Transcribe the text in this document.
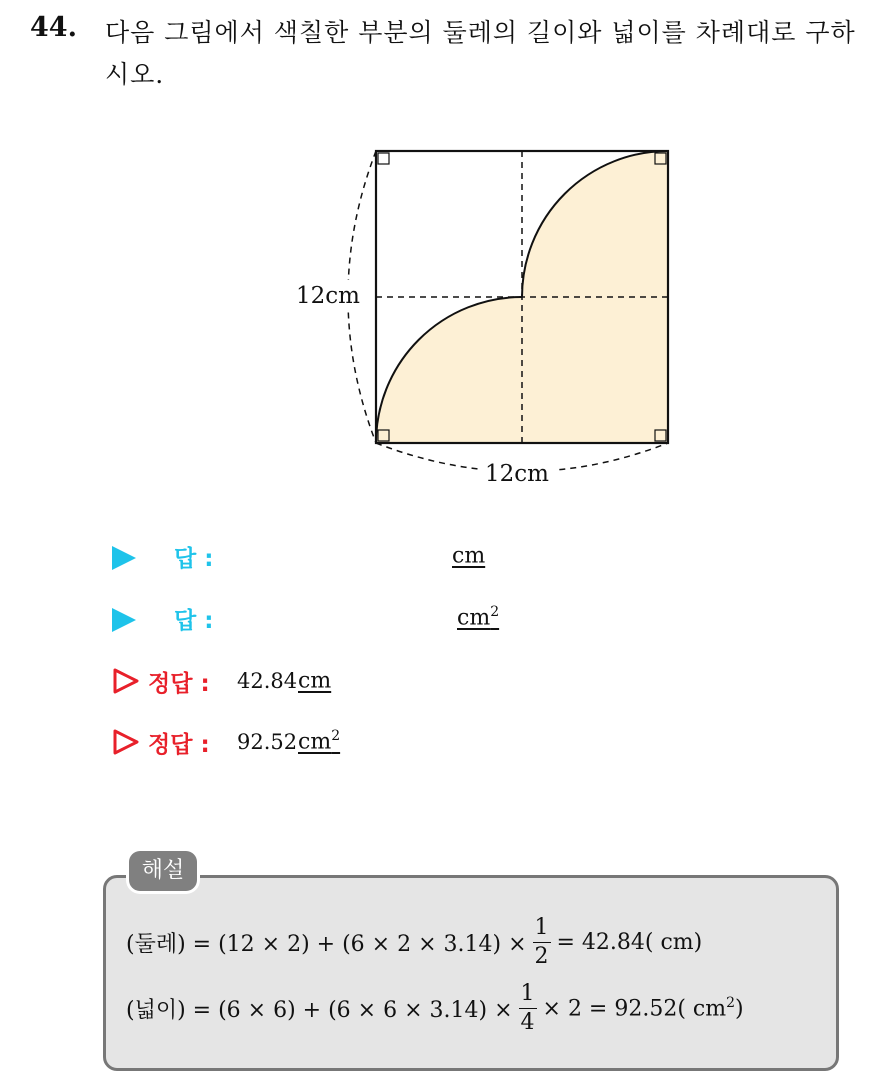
44. 다음 그림에서 색칠한 부분의 둘레의 길이와 넓이를 차례대로 구하시오.
12cm
12cm
답 :	cm
답 :	$cm^2$
정답 : 42.84 cm
정답 : 92.52 $cm^2$
해설
(둘레) = $(12 \times 2) + (6 \times 2 \times 3.14) \times \frac{1}{2} = 42.84$( cm)
(넓이) = $(6 \times 6) + (6 \times 6 \times 3.14) \times \frac{1}{4} \times 2 = 92.52$( $cm^2$)
